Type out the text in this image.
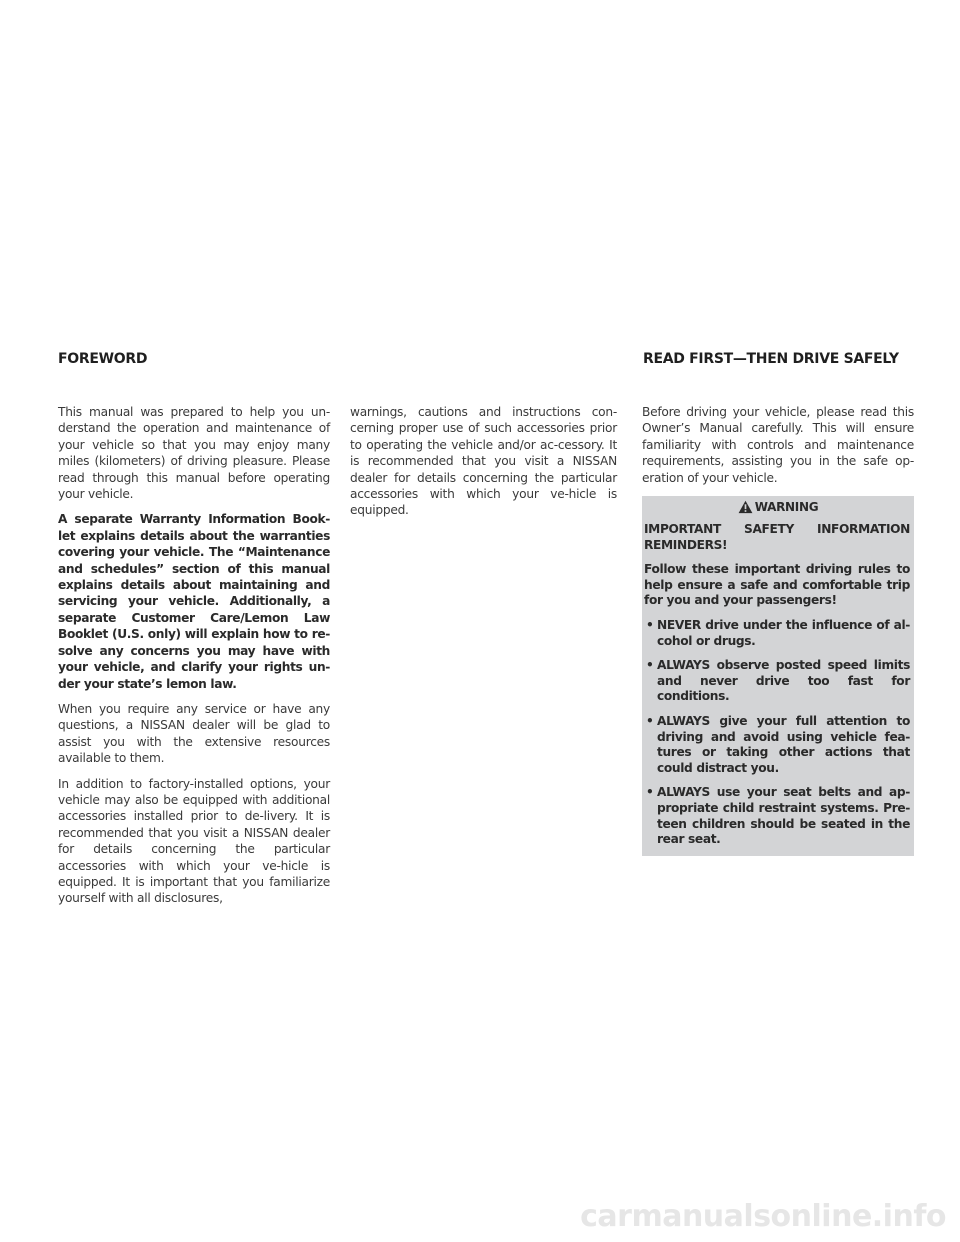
FOREWORD	READ FIRST—THEN DRIVE SAFELY

This manual was prepared to help you un-derstand the operation and maintenance of your vehicle so that you may enjoy many miles (kilometers) of driving pleasure. Please read through this manual before operating your vehicle.

A separate Warranty Information Book-let explains details about the warranties covering your vehicle. The “Maintenance and schedules” section of this manual explains details about maintaining and servicing your vehicle. Additionally, a separate Customer Care/Lemon Law Booklet (U.S. only) will explain how to re-solve any concerns you may have with your vehicle, and clarify your rights un-der your state’s lemon law.

When you require any service or have any questions, a NISSAN dealer will be glad to assist you with the extensive resources available to them.

In addition to factory-installed options, your vehicle may also be equipped with additional accessories installed prior to de-livery. It is recommended that you visit a NISSAN dealer for details concerning the particular accessories with which your ve-hicle is equipped. It is important that you familiarize yourself with all disclosures,

warnings, cautions and instructions con-cerning proper use of such accessories prior to operating the vehicle and/or ac-cessory. It is recommended that you visit a NISSAN dealer for details concerning the particular accessories with which your ve-hicle is equipped.

Before driving your vehicle, please read this Owner’s Manual carefully. This will ensure familiarity with controls and maintenance requirements, assisting you in the safe op-eration of your vehicle.

WARNING

IMPORTANT SAFETY INFORMATION REMINDERS!

Follow these important driving rules to help ensure a safe and comfortable trip for you and your passengers!

• NEVER drive under the influence of al-cohol or drugs.
• ALWAYS observe posted speed limits and never drive too fast for conditions.
• ALWAYS give your full attention to driving and avoid using vehicle fea-tures or taking other actions that could distract you.
• ALWAYS use your seat belts and ap-propriate child restraint systems. Pre-teen children should be seated in the rear seat.
carmanualsonline.info
